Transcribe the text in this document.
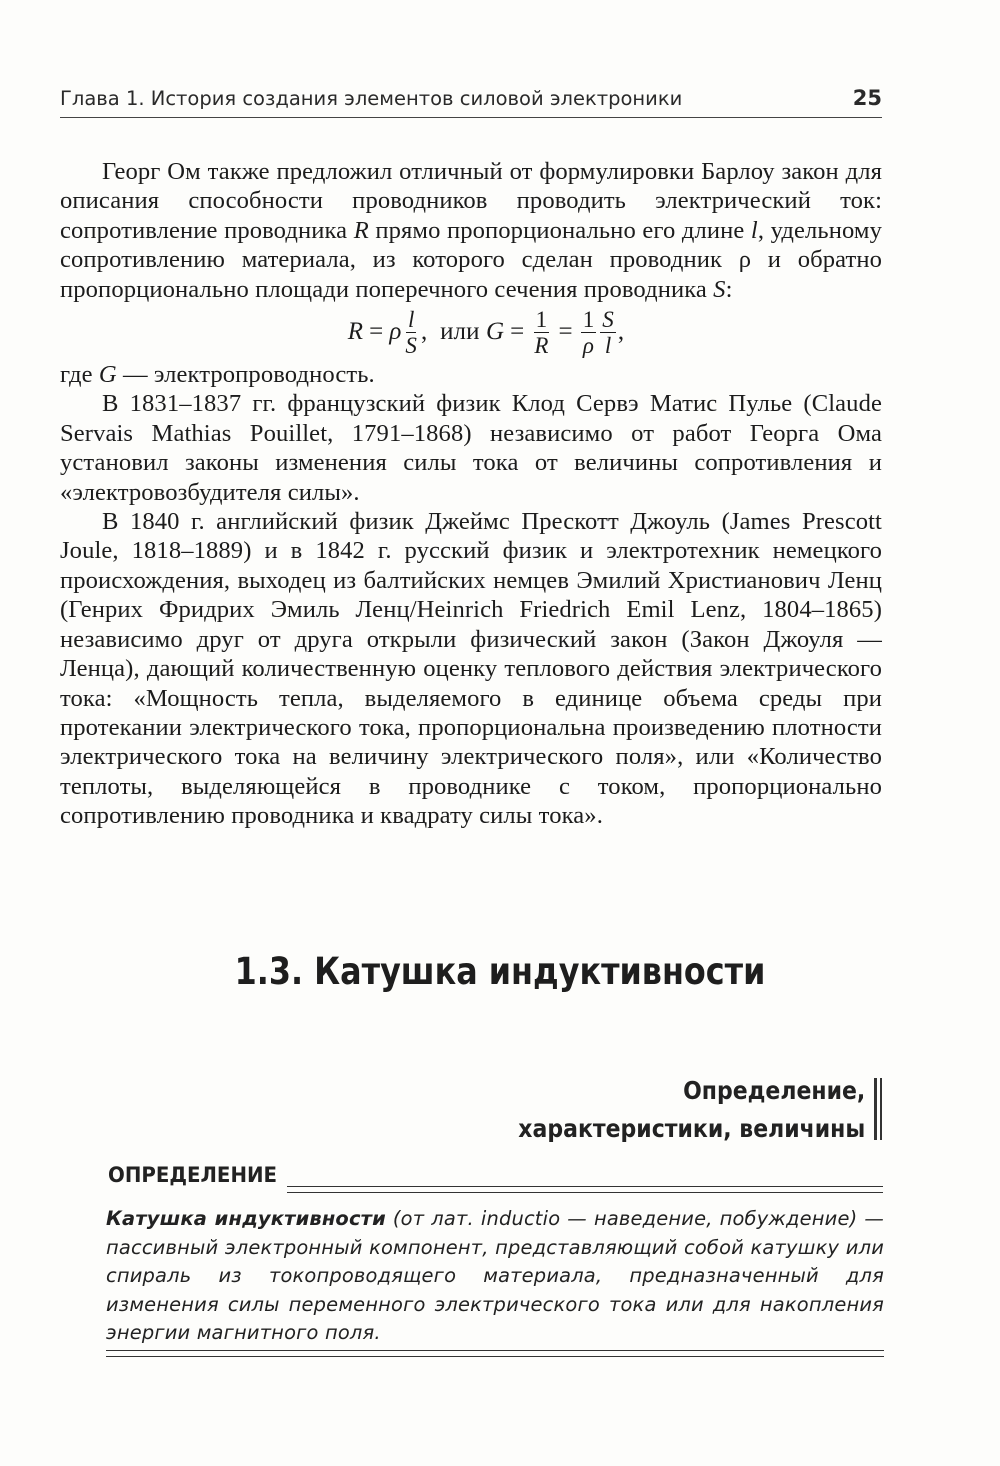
Глава 1. История создания элементов силовой электроники	25

Георг Ом также предложил отличный от формулировки Барлоу закон для описания способности проводников проводить электрический ток: сопротивление проводника R прямо пропорционально его длине l, удельному сопротивлению материала, из которого сделан проводник ρ и обратно пропорционально площади поперечного сечения проводника S:

R = ρ $\frac{l}{S}$ ,  или $G = \frac{1}{R} = \frac{1}{\rho} \frac{S}{l}$ ,

где G — электропроводность.

В 1831–1837 гг. французский физик Клод Сервэ Матис Пулье (Claude Servais Mathias Pouillet, 1791–1868) независимо от работ Георга Ома установил законы изменения силы тока от величины сопротивления и «электровозбудителя силы».

В 1840 г. английский физик Джеймс Прескотт Джоуль (James Prescott Joule, 1818–1889) и в 1842 г. русский физик и электротехник немецкого происхождения, выходец из балтийских немцев Эмилий Христианович Ленц (Генрих Фридрих Эмиль Ленц/Heinrich Friedrich Emil Lenz, 1804–1865) независимо друг от друга открыли физический закон (Закон Джоуля — Ленца), дающий количественную оценку теплового действия электрического тока: «Мощность тепла, выделяемого в единице объема среды при протекании электрического тока, пропорциональна произведению плотности электрического тока на величину электрического поля», или «Количество теплоты, выделяющейся в проводнике с током, пропорционально сопротивлению проводника и квадрату силы тока».

1.3. Катушка индуктивности
Определение,
характеристики, величины
ОПРЕДЕЛЕНИЕ
Катушка индуктивности (от лат. inductio — наведение, побуждение) — пассивный электронный компонент, представляющий собой катушку или спираль из токопроводящего материала, предназначенный для изменения силы переменного электрического тока или для накопления энергии магнитного поля.
